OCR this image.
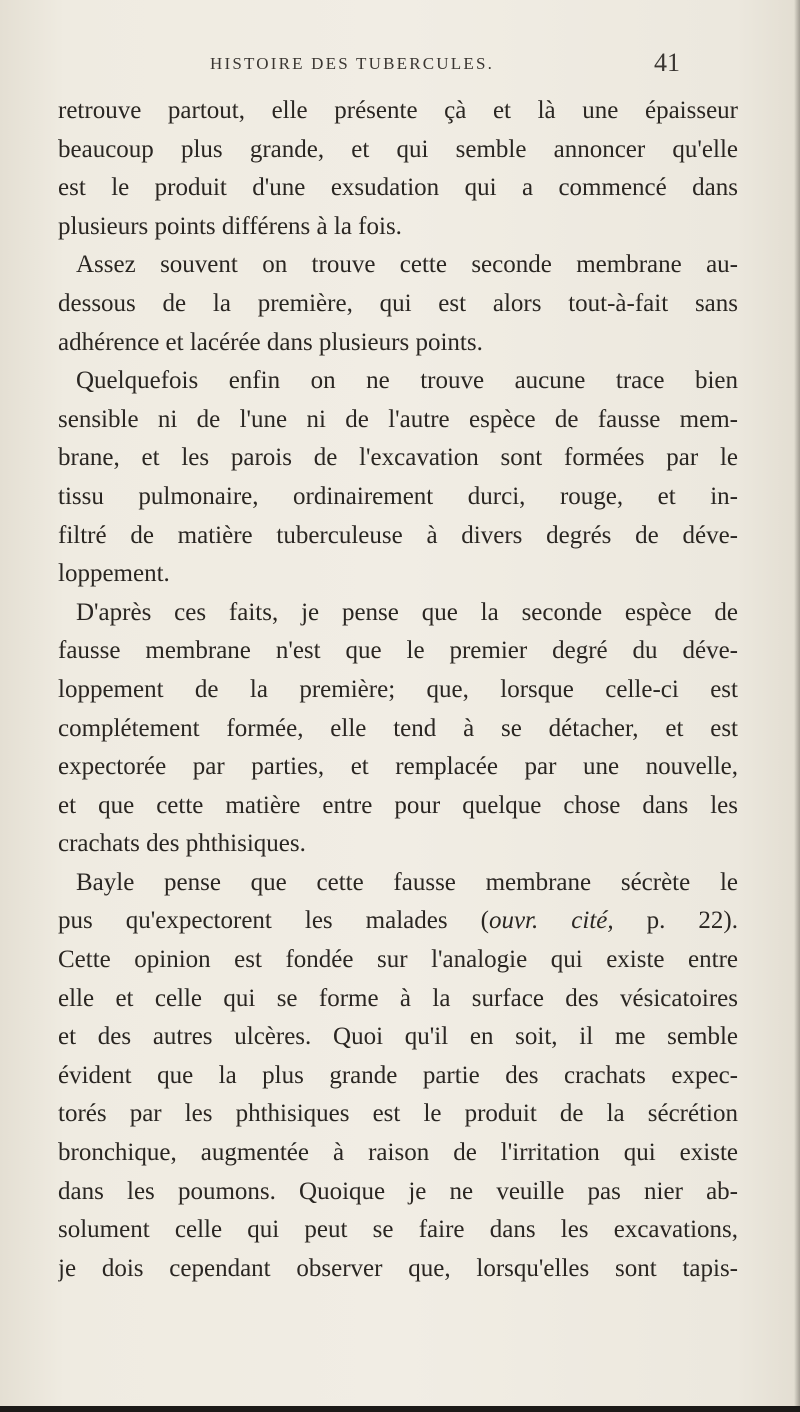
HISTOIRE DES TUBERCULES.	41
retrouve partout, elle présente çà et là une épaisseur
beaucoup plus grande, et qui semble annoncer qu'elle
est le produit d'une exsudation qui a commencé dans
plusieurs points différens à la fois.
Assez souvent on trouve cette seconde membrane au-
dessous de la première, qui est alors tout-à-fait sans
adhérence et lacérée dans plusieurs points.
Quelquefois enfin on ne trouve aucune trace bien
sensible ni de l'une ni de l'autre espèce de fausse mem-
brane, et les parois de l'excavation sont formées par le
tissu pulmonaire, ordinairement durci, rouge, et in-
filtré de matière tuberculeuse à divers degrés de déve-
loppement.
D'après ces faits, je pense que la seconde espèce de
fausse membrane n'est que le premier degré du déve-
loppement de la première; que, lorsque celle-ci est
complétement formée, elle tend à se détacher, et est
expectorée par parties, et remplacée par une nouvelle,
et que cette matière entre pour quelque chose dans les
crachats des phthisiques.
Bayle pense que cette fausse membrane sécrète le
pus qu'expectorent les malades (ouvr. cité, p. 22).
Cette opinion est fondée sur l'analogie qui existe entre
elle et celle qui se forme à la surface des vésicatoires
et des autres ulcères. Quoi qu'il en soit, il me semble
évident que la plus grande partie des crachats expec-
torés par les phthisiques est le produit de la sécrétion
bronchique, augmentée à raison de l'irritation qui existe
dans les poumons. Quoique je ne veuille pas nier ab-
solument celle qui peut se faire dans les excavations,
je dois cependant observer que, lorsqu'elles sont tapis-
